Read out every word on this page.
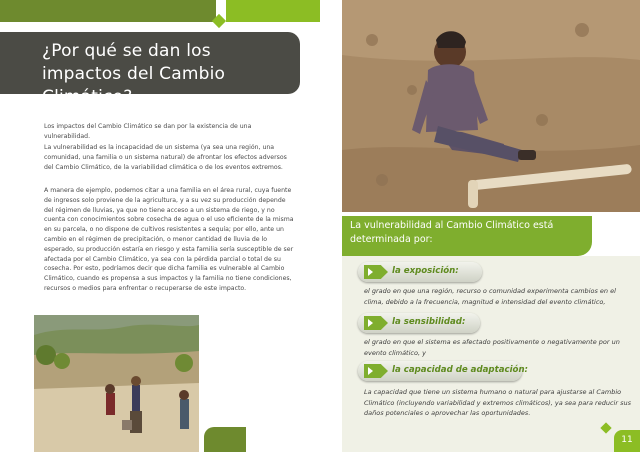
¿Por qué se dan los impactos del Cambio Climático?
Los impactos del Cambio Climático se dan por la existencia de una vulnerabilidad.
La vulnerabilidad es la incapacidad de un sistema (ya sea una región, una comunidad, una familia o un sistema natural) de afrontar los efectos adversos del Cambio Climático, de la variabilidad climática o de los eventos extremos.
A manera de ejemplo, podemos citar a una familia en el área rural, cuya fuente de ingresos solo proviene de la agricultura, y a su vez su producción depende del régimen de lluvias, ya que no tiene acceso a un sistema de riego, y no cuenta con conocimientos sobre cosecha de agua o el uso eficiente de la misma en su parcela, o no dispone de cultivos resistentes a sequía; por ello, ante un cambio en el régimen de precipitación, o menor cantidad de lluvia de lo esperado, su producción estaría en riesgo y esta familia sería susceptible de ser afectada por el Cambio Climático, ya sea con la pérdida parcial o total de su cosecha. Por esto, podríamos decir que dicha familia es vulnerable al Cambio Climático, cuando es propensa a sus impactos y la familia no tiene condiciones, recursos o medios para enfrentar o recuperarse de este impacto.
La vulnerabilidad al Cambio Climático está determinada por:
la exposición:
el grado en que una región, recurso o comunidad experimenta cambios en el clima, debido a la frecuencia, magnitud e intensidad del evento climático,
la sensibilidad:
el grado en que el sistema es afectado positivamente o negativamente por un evento climático, y
la capacidad de adaptación:
La capacidad que tiene un sistema humano o natural para ajustarse al Cambio Climático (incluyendo variabilidad y extremos climáticos), ya sea para reducir sus daños potenciales o aprovechar las oportunidades.
11
